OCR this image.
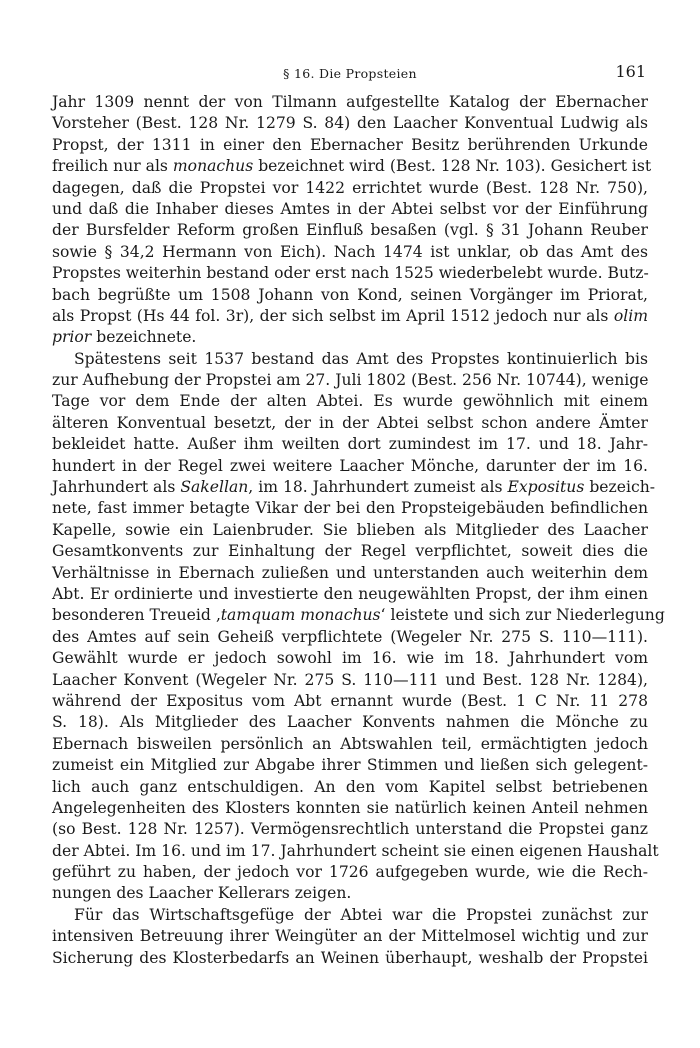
§ 16. Die Propsteien	161
Jahr 1309 nennt der von Tilmann aufgestellte Katalog der Ebernacher
Vorsteher (Best. 128 Nr. 1279 S. 84) den Laacher Konventual Ludwig als
Propst, der 1311 in einer den Ebernacher Besitz berührenden Urkunde
freilich nur als monachus bezeichnet wird (Best. 128 Nr. 103). Gesichert ist
dagegen, daß die Propstei vor 1422 errichtet wurde (Best. 128 Nr. 750),
und daß die Inhaber dieses Amtes in der Abtei selbst vor der Einführung
der Bursfelder Reform großen Einfluß besaßen (vgl. § 31 Johann Reuber
sowie § 34,2 Hermann von Eich). Nach 1474 ist unklar, ob das Amt des
Propstes weiterhin bestand oder erst nach 1525 wiederbelebt wurde. Butz-
bach begrüßte um 1508 Johann von Kond, seinen Vorgänger im Priorat,
als Propst (Hs 44 fol. 3r), der sich selbst im April 1512 jedoch nur als olim
prior bezeichnete.
Spätestens seit 1537 bestand das Amt des Propstes kontinuierlich bis
zur Aufhebung der Propstei am 27. Juli 1802 (Best. 256 Nr. 10744), wenige
Tage vor dem Ende der alten Abtei. Es wurde gewöhnlich mit einem
älteren Konventual besetzt, der in der Abtei selbst schon andere Ämter
bekleidet hatte. Außer ihm weilten dort zumindest im 17. und 18. Jahr-
hundert in der Regel zwei weitere Laacher Mönche, darunter der im 16.
Jahrhundert als Sakellan, im 18. Jahrhundert zumeist als Expositus bezeich-
nete, fast immer betagte Vikar der bei den Propsteigebäuden befindlichen
Kapelle, sowie ein Laienbruder. Sie blieben als Mitglieder des Laacher
Gesamtkonvents zur Einhaltung der Regel verpflichtet, soweit dies die
Verhältnisse in Ebernach zuließen und unterstanden auch weiterhin dem
Abt. Er ordinierte und investierte den neugewählten Propst, der ihm einen
besonderen Treueid ‚tamquam monachus‘ leistete und sich zur Niederlegung
des Amtes auf sein Geheiß verpflichtete (Wegeler Nr. 275 S. 110—111).
Gewählt wurde er jedoch sowohl im 16. wie im 18. Jahrhundert vom
Laacher Konvent (Wegeler Nr. 275 S. 110—111 und Best. 128 Nr. 1284),
während der Expositus vom Abt ernannt wurde (Best. 1 C Nr. 11 278
S. 18). Als Mitglieder des Laacher Konvents nahmen die Mönche zu
Ebernach bisweilen persönlich an Abtswahlen teil, ermächtigten jedoch
zumeist ein Mitglied zur Abgabe ihrer Stimmen und ließen sich gelegent-
lich auch ganz entschuldigen. An den vom Kapitel selbst betriebenen
Angelegenheiten des Klosters konnten sie natürlich keinen Anteil nehmen
(so Best. 128 Nr. 1257). Vermögensrechtlich unterstand die Propstei ganz
der Abtei. Im 16. und im 17. Jahrhundert scheint sie einen eigenen Haushalt
geführt zu haben, der jedoch vor 1726 aufgegeben wurde, wie die Rech-
nungen des Laacher Kellerars zeigen.
Für das Wirtschaftsgefüge der Abtei war die Propstei zunächst zur
intensiven Betreuung ihrer Weingüter an der Mittelmosel wichtig und zur
Sicherung des Klosterbedarfs an Weinen überhaupt, weshalb der Propstei
